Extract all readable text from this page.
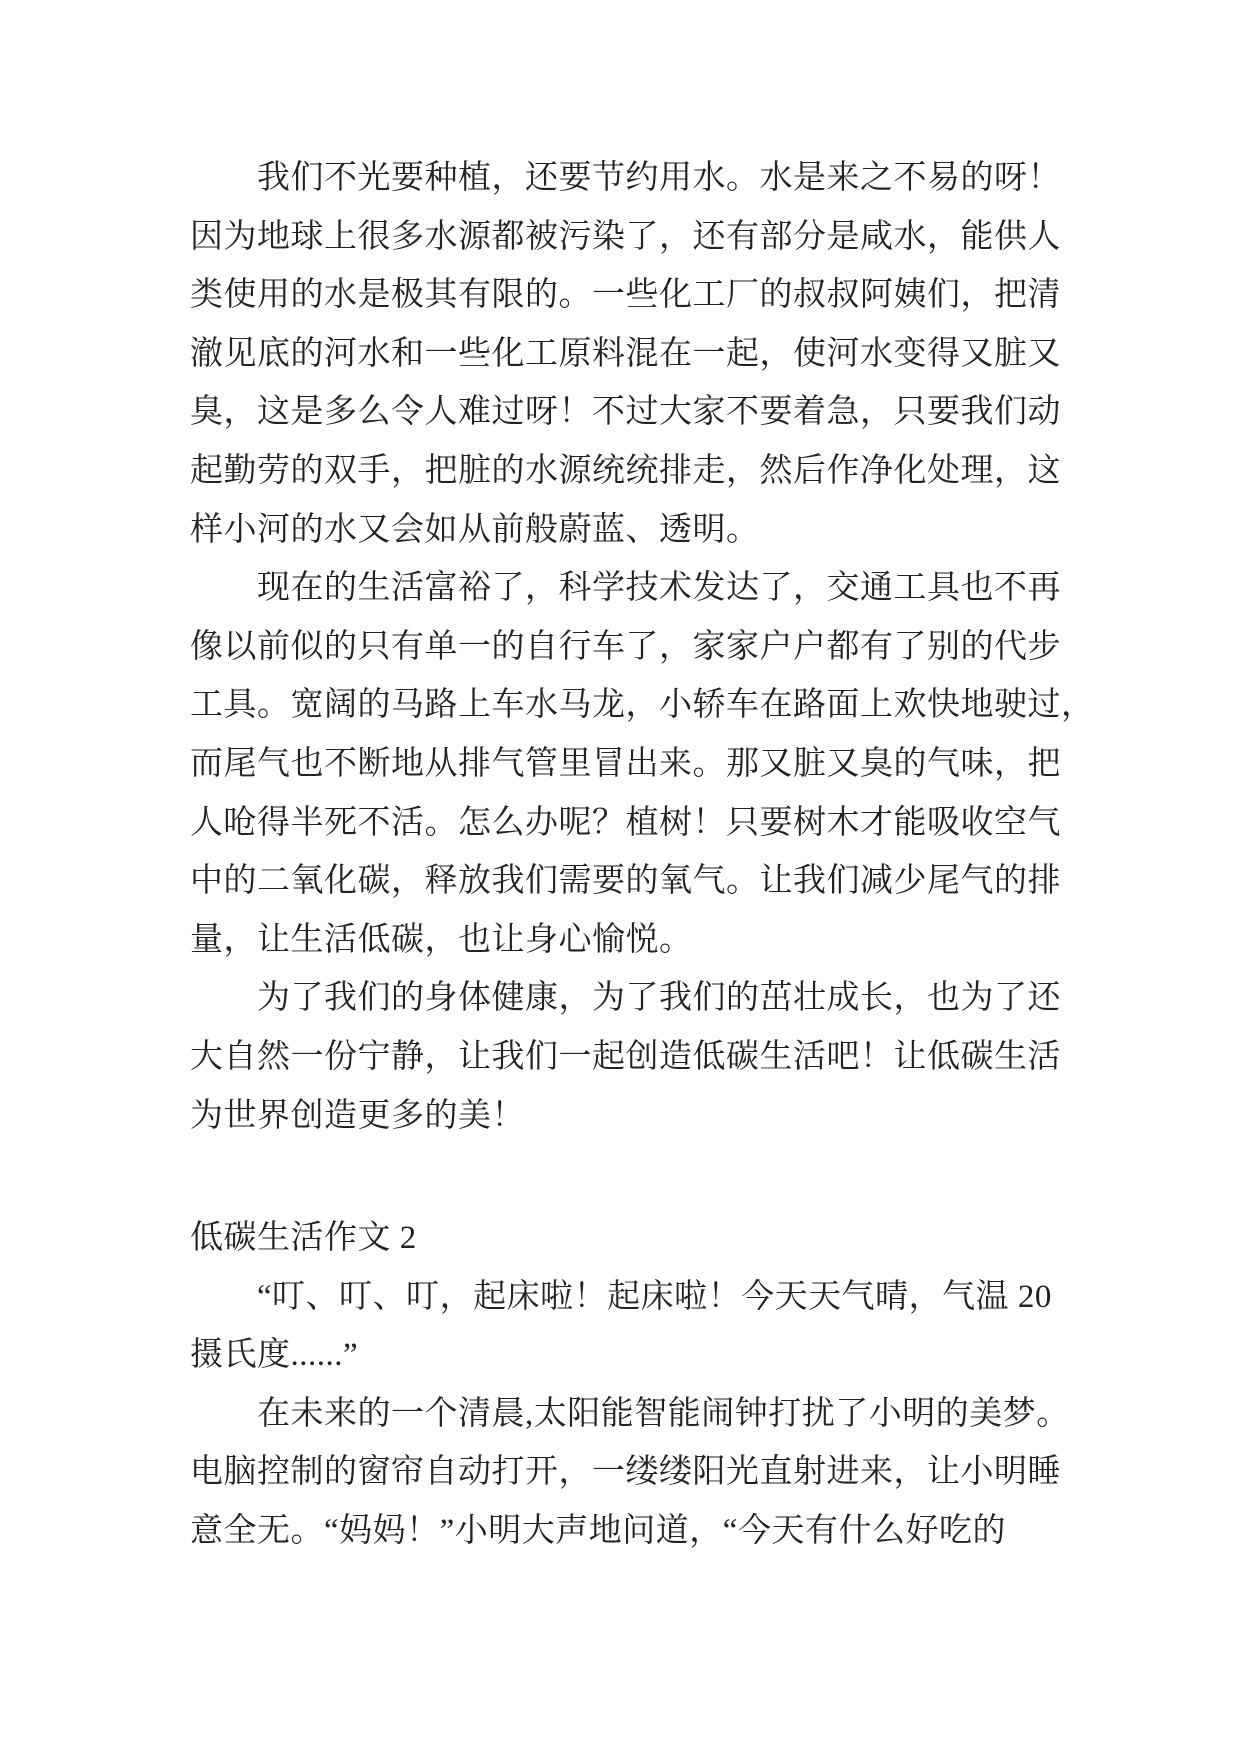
我们不光要种植，还要节约用水。水是来之不易的呀！
因为地球上很多水源都被污染了，还有部分是咸水，能供人
类使用的水是极其有限的。一些化工厂的叔叔阿姨们，把清
澈见底的河水和一些化工原料混在一起，使河水变得又脏又
臭，这是多么令人难过呀！不过大家不要着急，只要我们动
起勤劳的双手，把脏的水源统统排走，然后作净化处理，这
样小河的水又会如从前般蔚蓝、透明。
现在的生活富裕了，科学技术发达了，交通工具也不再
像以前似的只有单一的自行车了，家家户户都有了别的代步
工具。宽阔的马路上车水马龙，小轿车在路面上欢快地驶过，
而尾气也不断地从排气管里冒出来。那又脏又臭的气味，把
人呛得半死不活。怎么办呢？植树！只要树木才能吸收空气
中的二氧化碳，释放我们需要的氧气。让我们减少尾气的排
量，让生活低碳，也让身心愉悦。
为了我们的身体健康，为了我们的茁壮成长，也为了还
大自然一份宁静，让我们一起创造低碳生活吧！让低碳生活
为世界创造更多的美！
低碳生活作文 2
“叮、叮、叮，起床啦！起床啦！今天天气晴，气温 20
摄氏度......”
在未来的一个清晨,太阳能智能闹钟打扰了小明的美梦。
电脑控制的窗帘自动打开，一缕缕阳光直射进来，让小明睡
意全无。“妈妈！”小明大声地问道，“今天有什么好吃的
